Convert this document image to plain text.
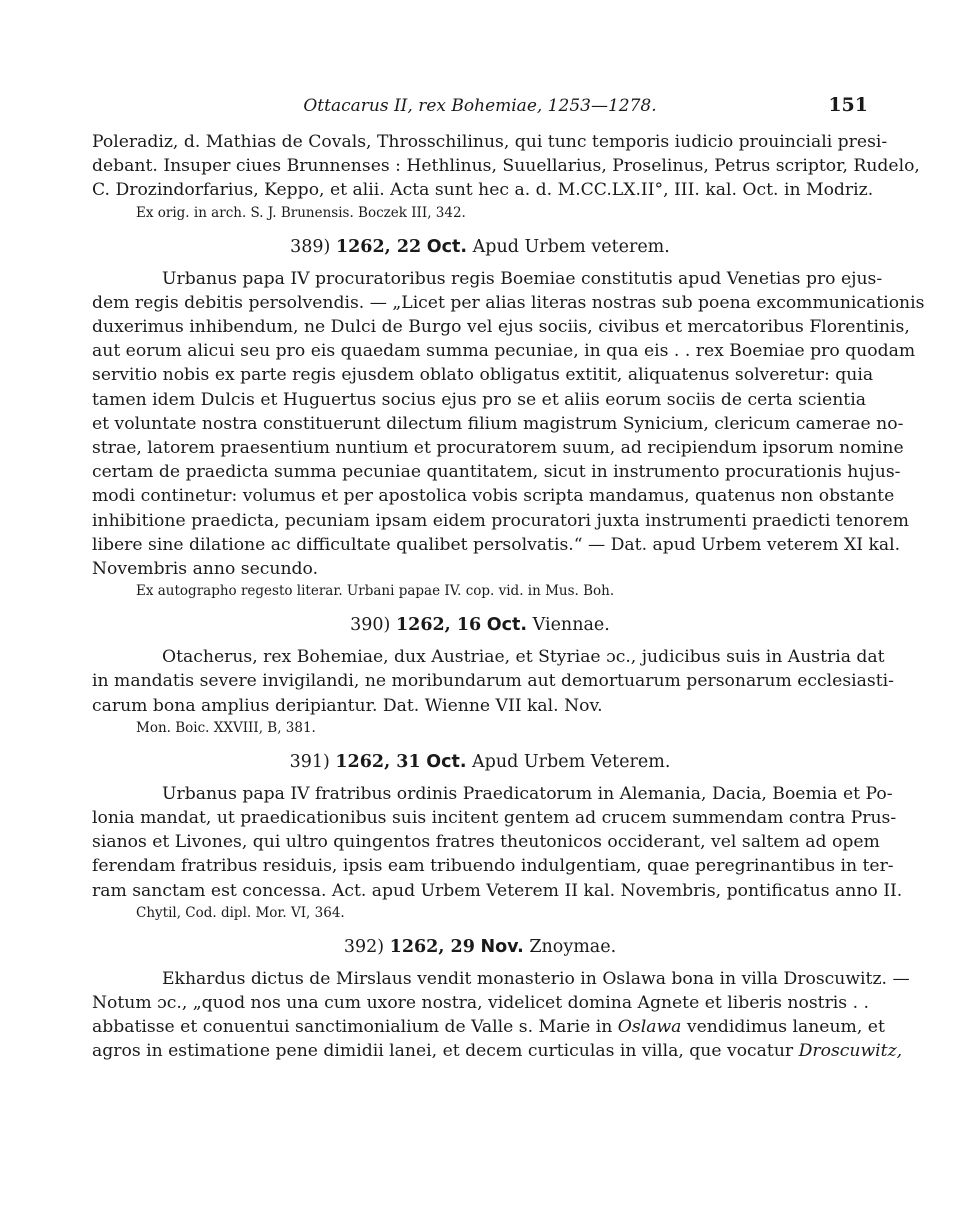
Ottacarus II, rex Bohemiae, 1253—1278.	151
Poleradiz, d. Mathias de Covals, Throsschilinus, qui tunc temporis iudicio prouinciali presi-
debant. Insuper ciues Brunnenses : Hethlinus, Suuellarius, Proselinus, Petrus scriptor, Rudelo,
C. Drozindorfarius, Keppo, et alii. Acta sunt hec a. d. M.CC.LX.II°, III. kal. Oct. in Modriz.
Ex orig. in arch. S. J. Brunensis. Boczek III, 342.
389) 1262, 22 Oct. Apud Urbem veterem.
Urbanus papa IV procuratoribus regis Boemiae constitutis apud Venetias pro ejus-
dem regis debitis persolvendis. — „Licet per alias literas nostras sub poena excommunicationis
duxerimus inhibendum, ne Dulci de Burgo vel ejus sociis, civibus et mercatoribus Florentinis,
aut eorum alicui seu pro eis quaedam summa pecuniae, in qua eis . . rex Boemiae pro quodam
servitio nobis ex parte regis ejusdem oblato obligatus extitit, aliquatenus solveretur: quia
tamen idem Dulcis et Huguertus socius ejus pro se et aliis eorum sociis de certa scientia
et voluntate nostra constituerunt dilectum filium magistrum Synicium, clericum camerae no-
strae, latorem praesentium nuntium et procuratorem suum, ad recipiendum ipsorum nomine
certam de praedicta summa pecuniae quantitatem, sicut in instrumento procurationis hujus-
modi continetur: volumus et per apostolica vobis scripta mandamus, quatenus non obstante
inhibitione praedicta, pecuniam ipsam eidem procuratori juxta instrumenti praedicti tenorem
libere sine dilatione ac difficultate qualibet persolvatis.“ — Dat. apud Urbem veterem XI kal.
Novembris anno secundo.
Ex autographo regesto literar. Urbani papae IV. cop. vid. in Mus. Boh.
390) 1262, 16 Oct. Viennae.
Otacherus, rex Bohemiae, dux Austriae, et Styriae ɔc., judicibus suis in Austria dat
in mandatis severe invigilandi, ne moribundarum aut demortuarum personarum ecclesiasti-
carum bona amplius deripiantur. Dat. Wienne VII kal. Nov.
Mon. Boic. XXVIII, B, 381.
391) 1262, 31 Oct. Apud Urbem Veterem.
Urbanus papa IV fratribus ordinis Praedicatorum in Alemania, Dacia, Boemia et Po-
lonia mandat, ut praedicationibus suis incitent gentem ad crucem summendam contra Prus-
sianos et Livones, qui ultro quingentos fratres theutonicos occiderant, vel saltem ad opem
ferendam fratribus residuis, ipsis eam tribuendo indulgentiam, quae peregrinantibus in ter-
ram sanctam est concessa. Act. apud Urbem Veterem II kal. Novembris, pontificatus anno II.
Chytil, Cod. dipl. Mor. VI, 364.
392) 1262, 29 Nov. Znoymae.
Ekhardus dictus de Mirslaus vendit monasterio in Oslawa bona in villa Droscuwitz. —
Notum ɔc., „quod nos una cum uxore nostra, videlicet domina Agnete et liberis nostris . .
abbatisse et conuentui sanctimonialium de Valle s. Marie in Oslawa vendidimus laneum, et
agros in estimatione pene dimidii lanei, et decem curticulas in villa, que vocatur Droscuwitz,
